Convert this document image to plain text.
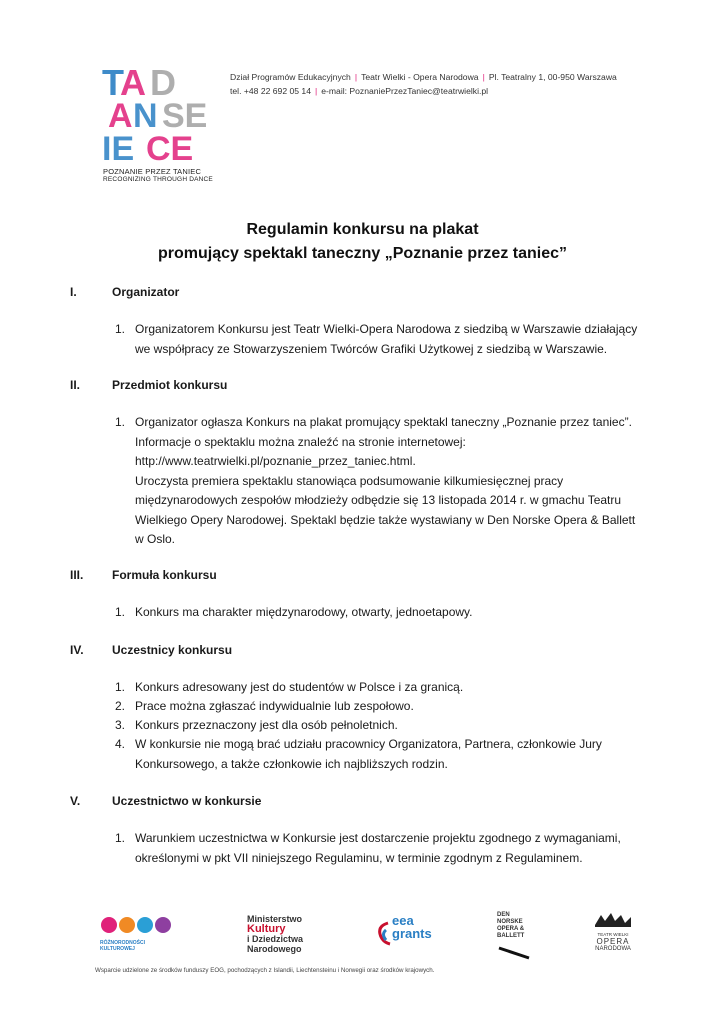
T
A D
A N SE
IE CE
POZNANIE PRZEZ TANIEC
RECOGNIZING THROUGH DANCE
Dział Programów Edukacyjnych | Teatr Wielki - Opera Narodowa | Pl. Teatralny 1, 00-950 Warszawa
tel. +48 22 692 05 14 | e-mail: PoznaniePrzezTaniec@teatrwielki.pl
Regulamin konkursu na plakat
promujący spektakl taneczny „Poznanie przez taniec”
I.	Organizator
1. Organizatorem Konkursu jest Teatr Wielki-Opera Narodowa z siedzibą w Warszawie działający
we współpracy ze Stowarzyszeniem Twórców Grafiki Użytkowej z siedzibą w Warszawie.
II.	Przedmiot konkursu
1. Organizator ogłasza Konkurs na plakat promujący spektakl taneczny „Poznanie przez taniec”.
Informacje o spektaklu można znaleźć na stronie internetowej:
http://www.teatrwielki.pl/poznanie_przez_taniec.html.
Uroczysta premiera spektaklu stanowiąca podsumowanie kilkumiesięcznej pracy
międzynarodowych zespołów młodzieży odbędzie się 13 listopada 2014 r. w gmachu Teatru
Wielkiego Opery Narodowej. Spektakl będzie także wystawiany w Den Norske Opera & Ballett
w Oslo.
III. Formuła konkursu
1. Konkurs ma charakter międzynarodowy, otwarty, jednoetapowy.
IV. Uczestnicy konkursu
1. Konkurs adresowany jest do studentów w Polsce i za granicą.
2. Prace można zgłaszać indywidualnie lub zespołowo.
3. Konkurs przeznaczony jest dla osób pełnoletnich.
4. W konkursie nie mogą brać udziału pracownicy Organizatora, Partnera, członkowie Jury
Konkursowego, a także członkowie ich najbliższych rodzin.
V.	Uczestnictwo w konkursie
1. Warunkiem uczestnictwa w Konkursie jest dostarczenie projektu zgodnego z wymaganiami,
określonymi w pkt VII niniejszego Regulaminu, w terminie zgodnym z Regulaminem.
RÓŻNORODNOŚCI KULTUROWEJ
Ministerstwo
Kultury
i Dziedzictwa
Narodowego
eea
grants
DEN NORSKE OPERA & BALLETT	TEATR WIELKI
OPERA
NARODOWA
Wsparcie udzielone ze środków funduszy EOG, pochodzących z Islandii, Liechtensteinu i Norwegii oraz środków krajowych.
